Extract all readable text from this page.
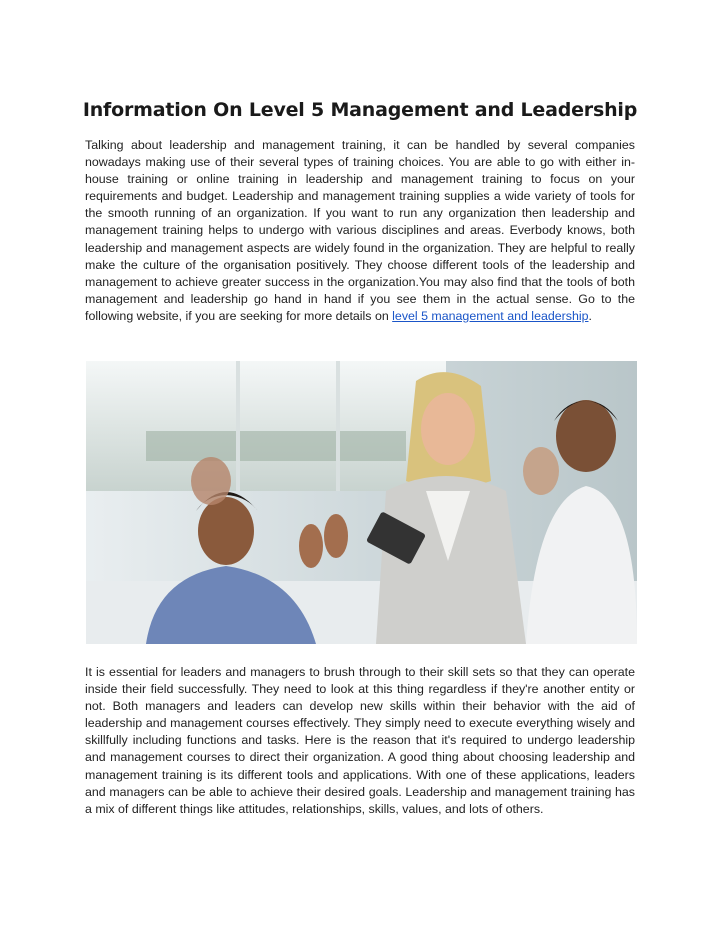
Information On Level 5 Management and Leadership

Talking about leadership and management training, it can be handled by several companies nowadays making use of their several types of training choices. You are able to go with either in-house training or online training in leadership and management training to focus on your requirements and budget. Leadership and management training supplies a wide variety of tools for the smooth running of an organization. If you want to run any organization then leadership and management training helps to undergo with various disciplines and areas. Everbody knows, both leadership and management aspects are widely found in the organization. They are helpful to really make the culture of the organisation positively. They choose different tools of the leadership and management to achieve greater success in the organization.You may also find that the tools of both management and leadership go hand in hand if you see them in the actual sense. Go to the following website, if you are seeking for more details on level 5 management and leadership.

It is essential for leaders and managers to brush through to their skill sets so that they can operate inside their field successfully. They need to look at this thing regardless if they're another entity or not. Both managers and leaders can develop new skills within their behavior with the aid of leadership and management courses effectively. They simply need to execute everything wisely and skillfully including functions and tasks. Here is the reason that it's required to undergo leadership and management courses to direct their organization. A good thing about choosing leadership and management training is its different tools and applications. With one of these applications, leaders and managers can be able to achieve their desired goals. Leadership and management training has a mix of different things like attitudes, relationships, skills, values, and lots of others.
